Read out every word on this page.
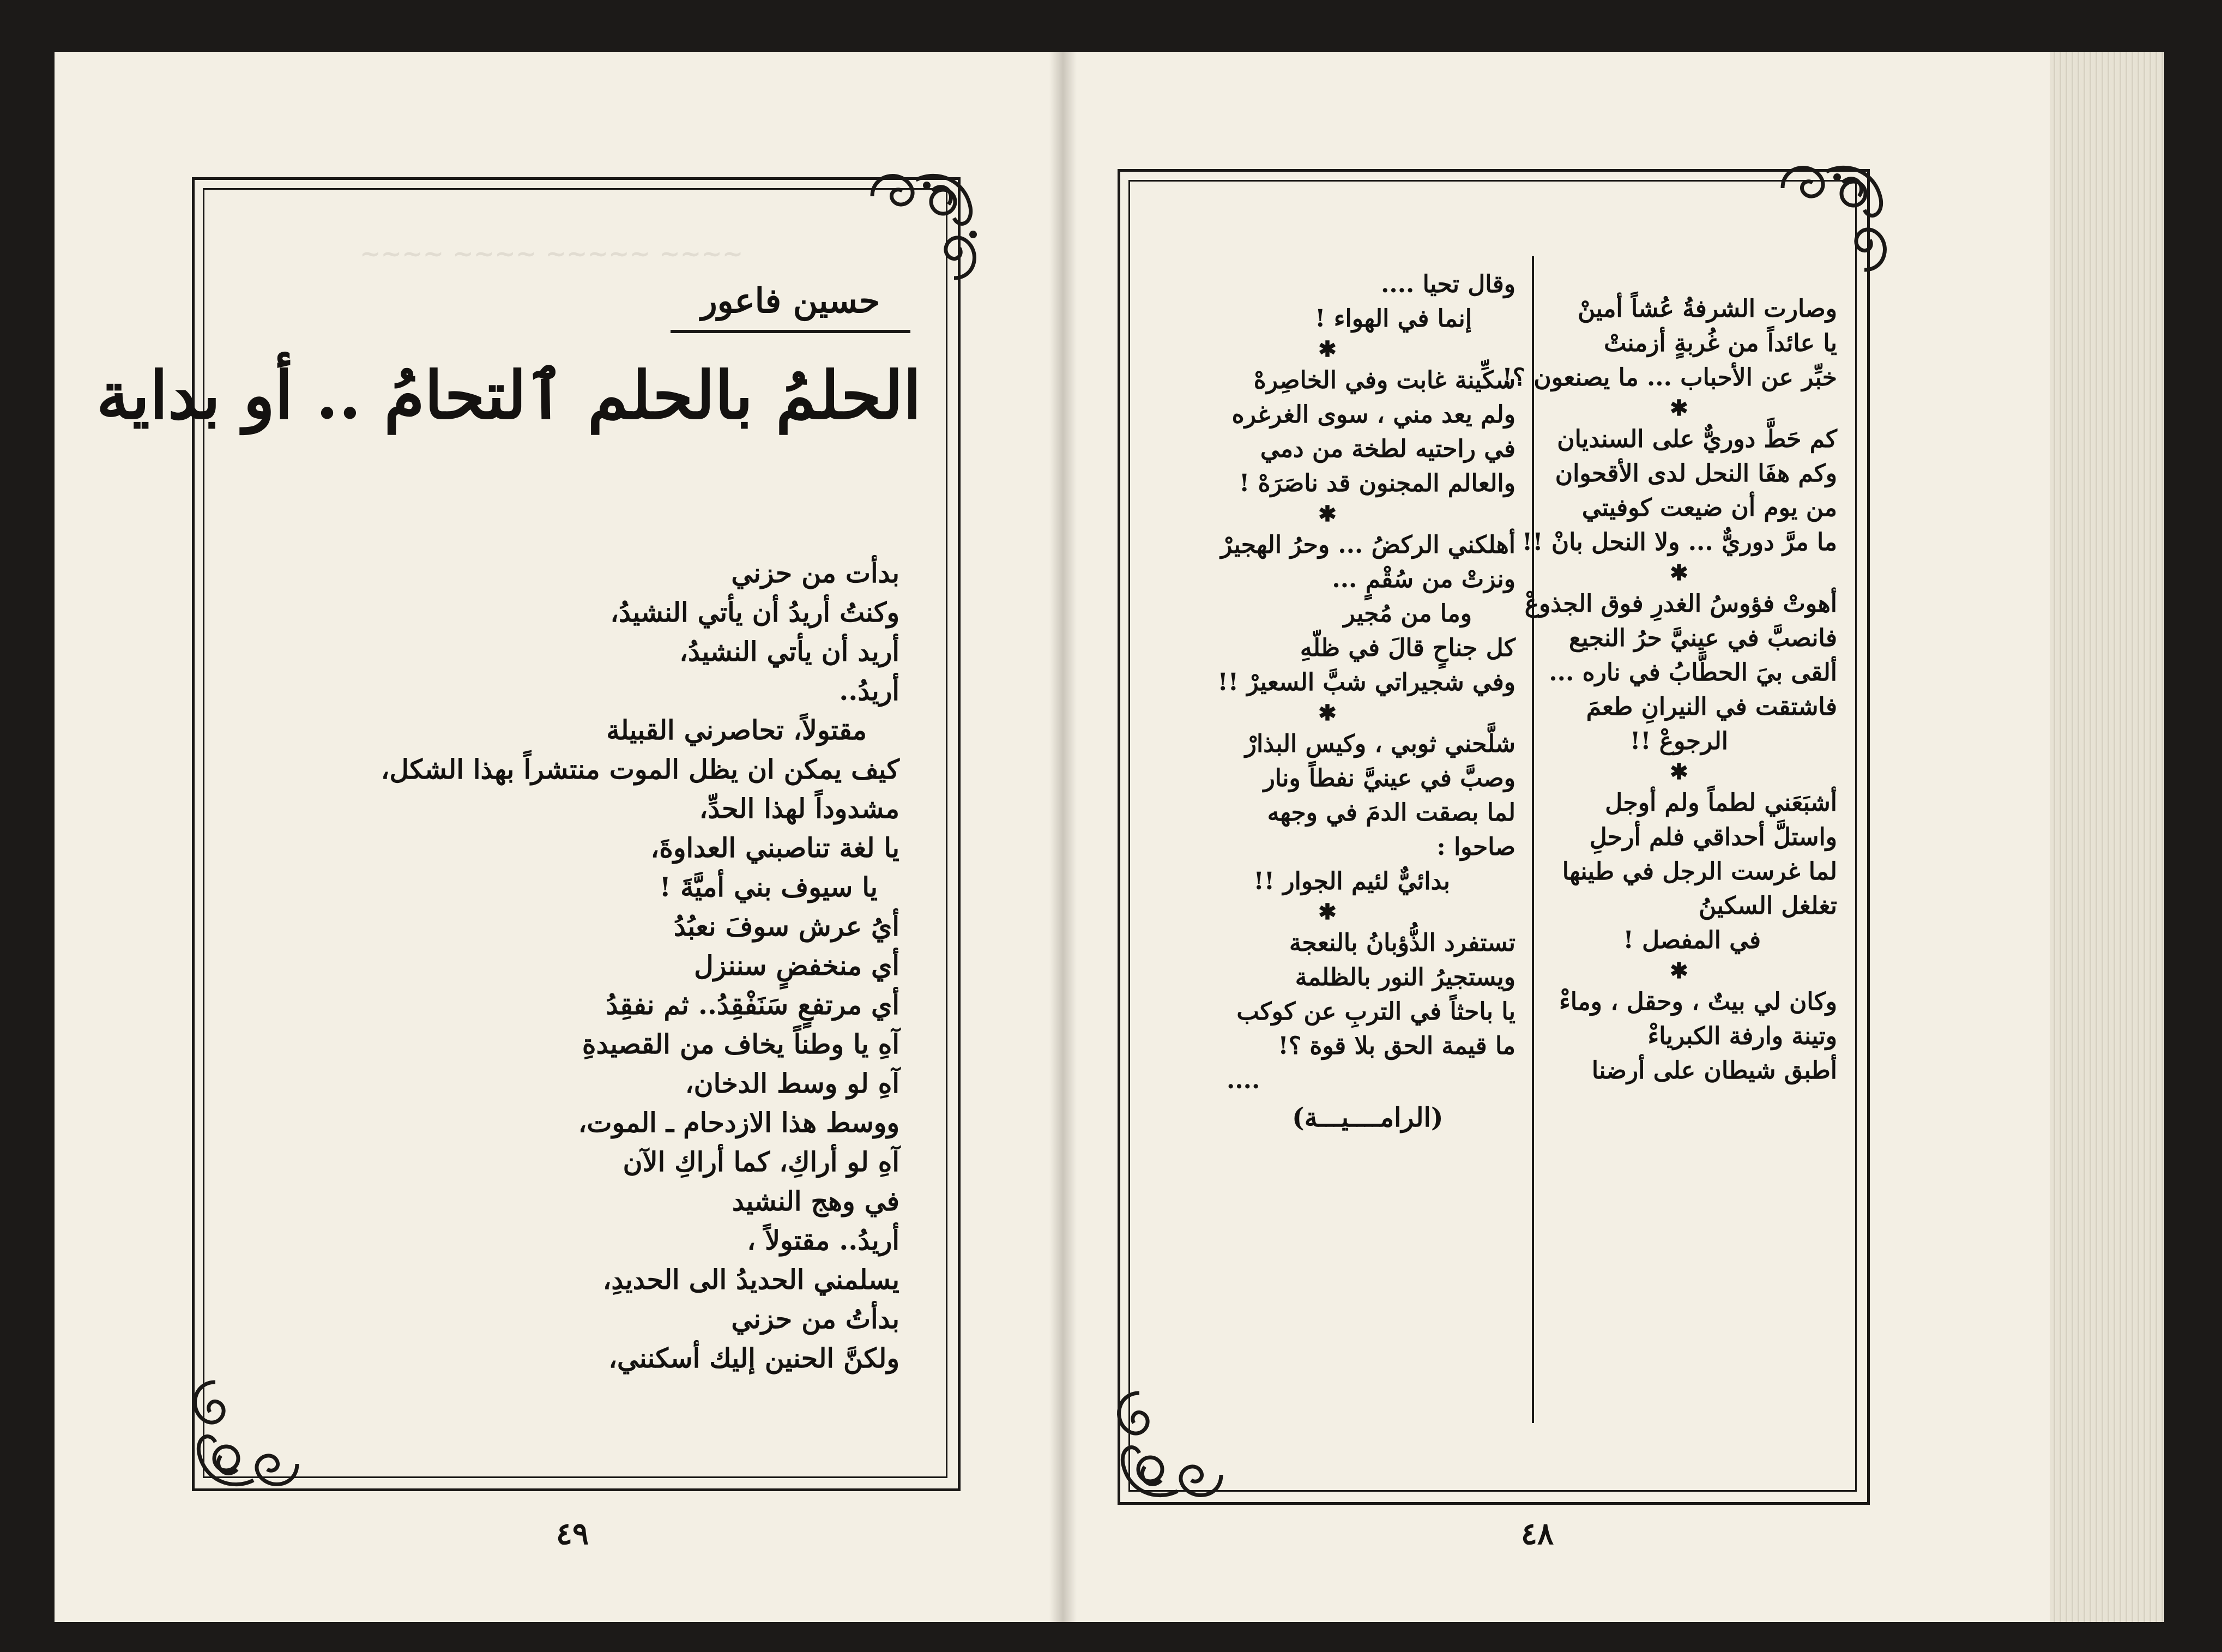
~~~~ ~~~~ ~~~~~ ~~~~
حسين فاعور
الحلمُ بالحلم ٱلتحامُ .. أو بداية
بدأت من حزني
وكنتُ أريدُ أن يأتي النشيدُ،
أريد أن يأتي النشيدُ،
أريدُ..
مقتولاً، تحاصرني القبيلة
كيف يمكن ان يظل الموت منتشراً بهذا الشكل،
مشدوداً لهذا الحدِّ،
يا لغة تناصبني العداوةَ،
يا سيوف بني أميَّةَ !
أيُ عرش سوفَ نعبُدُ
أي منخفضٍ سننزل
أي مرتفعٍ سَنَفْقِدُ.. ثم نفقِدُ
آهِ يا وطناً يخاف من القصيدةِ
آهِ لو وسط الدخان،
ووسط هذا الازدحام ـ الموت،
آهِ لو أراكِ، كما أراكِ الآن
في وهج النشيد
أريدُ.. مقتولاً ،
يسلمني الحديدُ الى الحديدِ،
بدأتُ من حزني
ولكنَّ الحنين إليك أسكنني،
٤٩
وصارت الشرفةُ عُشاً أمينْ
يا عائداً من غُربةٍ أزمنتْ
خبِّر عن الأحباب ... ما يصنعون ؟!
✱
كم حَطَّ دوريٌّ على السنديان
وكم هفَا النحل لدى الأقحوان
من يوم أن ضيعت كوفيتي
ما مرَّ دوريٌّ ... ولا النحل بانْ !!
✱
أهوتْ فؤوسُ الغدرِ فوق الجذوعْ
فانصبَّ في عينيَّ حرُ النجيع
ألقى بيَ الحطَّابُ في ناره ...
فاشتقت في النيرانِ طعمَ
الرجوعْ !!
✱
أشبَعَني لطماً ولم أوجل
واستلَّ أحداقي فلم أرحلِ
لما غرست الرجل في طينها
تغلغل السكينُ
في المفصل !
✱
وكان لي بيتٌ ، وحقل ، وماءْ
وتينة وارفة الكبرياءْ
أطبق شيطان على أرضنا
وقال تحيا ....
إنما في الهواء !
✱
سكِّينة غابت وفي الخاصِرهْ
ولم يعد مني ، سوى الغرغره
في راحتيه لطخة من دمي
والعالم المجنون قد ناصَرَهْ !
✱
أهلكني الركضُ ... وحرُ الهجيرْ
ونزتْ من سُقْمٍ ...
وما من مُجير
كل جناحٍ قالَ في ظلّهِ
وفي شجيراتي شبَّ السعيرْ !!
✱
شلَّحني ثوبي ، وكيس البذارْ
وصبَّ في عينيَّ نفطاً ونار
لما بصقت الدمَ في وجهه
صاحوا :
بدائيٌّ لئيم الجوار !!
✱
تستفرد الذُّؤبانُ بالنعجة
ويستجيرُ النور بالظلمة
يا باحثاً في التربِ عن كوكب
ما قيمة الحق بلا قوة ؟!
....
(الرامــــيـــة)
٤٨
